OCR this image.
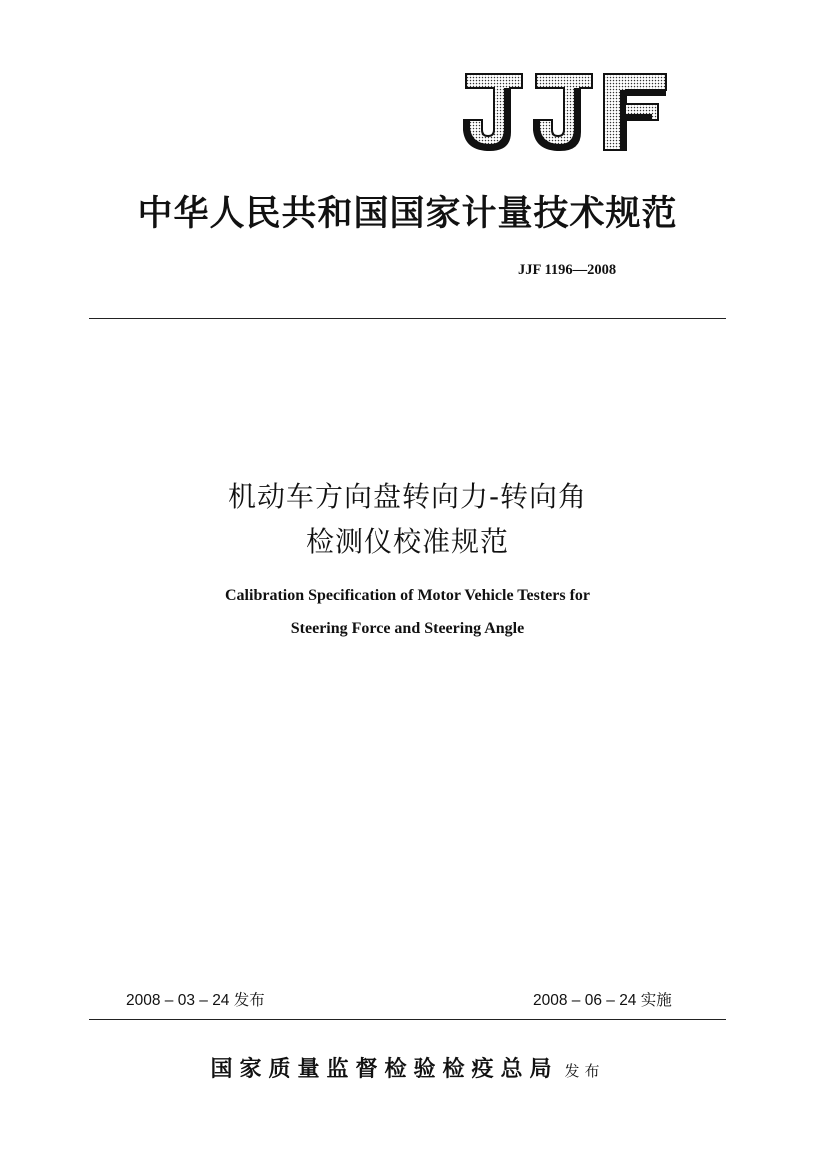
中华人民共和国国家计量技术规范
JJF 1196—2008
机动车方向盘转向力-转向角
检测仪校准规范
Calibration Specification of Motor Vehicle Testers for
Steering Force and Steering Angle
2008 – 03 – 24 发布	2008 – 06 – 24 实施
国家质量监督检验检疫总局 发布
